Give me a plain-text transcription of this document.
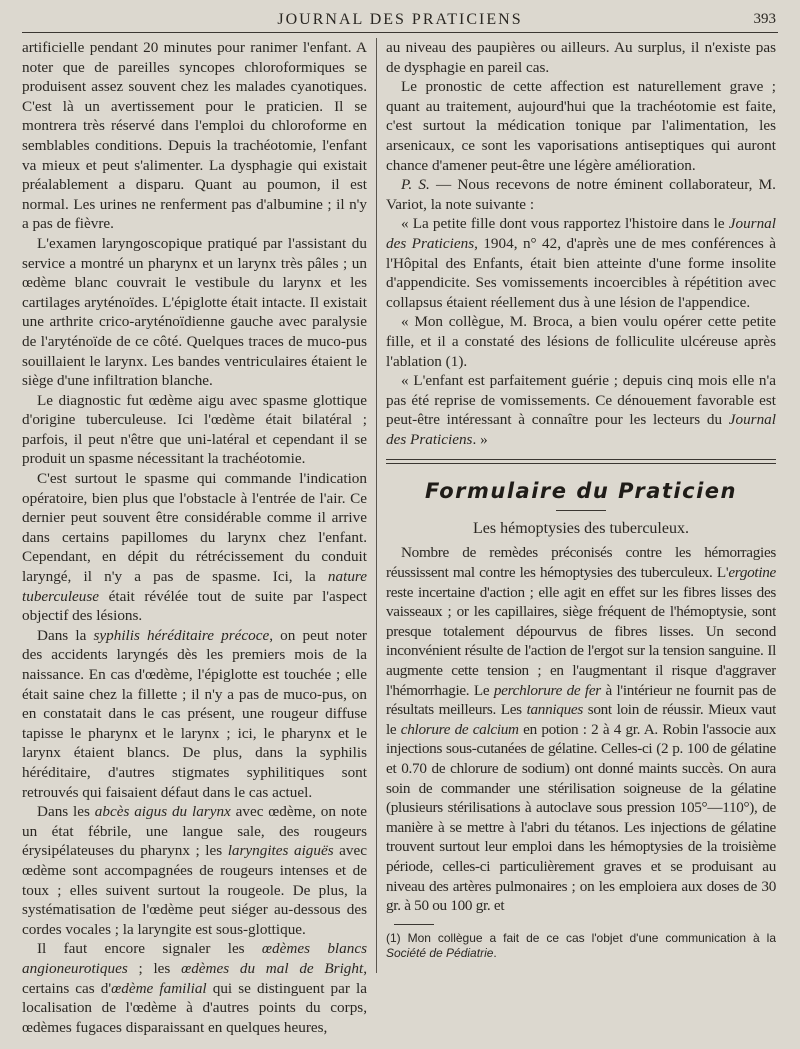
JOURNAL DES PRATICIENS	393

artificielle pendant 20 minutes pour ranimer l'enfant. A noter que de pareilles syncopes chloroformiques se produisent assez souvent chez les malades cyanotiques. C'est là un avertissement pour le praticien. Il se montrera très réservé dans l'emploi du chloroforme en semblables conditions. Depuis la trachéotomie, l'enfant va mieux et peut s'alimenter. La dysphagie qui existait préalablement a disparu. Quant au poumon, il est normal. Les urines ne renferment pas d'albumine ; il n'y a pas de fièvre.

L'examen laryngoscopique pratiqué par l'assistant du service a montré un pharynx et un larynx très pâles ; un œdème blanc couvrait le vestibule du larynx et les cartilages aryténoïdes. L'épiglotte était intacte. Il existait une arthrite crico-aryténoïdienne gauche avec paralysie de l'aryténoïde de ce côté. Quelques traces de muco-pus souillaient le larynx. Les bandes ventriculaires étaient le siège d'une infiltration blanche.

Le diagnostic fut œdème aigu avec spasme glottique d'origine tuberculeuse. Ici l'œdème était bilatéral ; parfois, il peut n'être que uni-latéral et cependant il se produit un spasme nécessitant la trachéotomie.

C'est surtout le spasme qui commande l'indication opératoire, bien plus que l'obstacle à l'entrée de l'air. Ce dernier peut souvent être considérable comme il arrive dans certains papillomes du larynx chez l'enfant. Cependant, en dépit du rétrécissement du conduit laryngé, il n'y a pas de spasme. Ici, la nature tuberculeuse était révélée tout de suite par l'aspect objectif des lésions.

Dans la syphilis héréditaire précoce, on peut noter des accidents laryngés dès les premiers mois de la naissance. En cas d'œdème, l'épiglotte est touchée ; elle était saine chez la fillette ; il n'y a pas de muco-pus, on en constatait dans le cas présent, une rougeur diffuse tapisse le pharynx et le larynx ; ici, le pharynx et le larynx étaient blancs. De plus, dans la syphilis héréditaire, d'autres stigmates syphilitiques sont retrouvés qui faisaient défaut dans le cas actuel.

Dans les abcès aigus du larynx avec œdème, on note un état fébrile, une langue sale, des rougeurs érysipélateuses du pharynx ; les laryngites aiguës avec œdème sont accompagnées de rougeurs intenses et de toux ; elles suivent surtout la rougeole. De plus, la systématisation de l'œdème peut siéger au-dessous des cordes vocales ; la laryngite est sous-glottique.

Il faut encore signaler les œdèmes blancs angioneurotiques ; les œdèmes du mal de Bright, certains cas d'œdème familial qui se distinguent par la localisation de l'œdème à d'autres points du corps, œdèmes fugaces disparaissant en quelques heures,

au niveau des paupières ou ailleurs. Au surplus, il n'existe pas de dysphagie en pareil cas.

Le pronostic de cette affection est naturellement grave ; quant au traitement, aujourd'hui que la trachéotomie est faite, c'est surtout la médication tonique par l'alimentation, les arsenicaux, ce sont les vaporisations antiseptiques qui auront chance d'amener peut-être une légère amélioration.

P. S. — Nous recevons de notre éminent collaborateur, M. Variot, la note suivante :

« La petite fille dont vous rapportez l'histoire dans le Journal des Praticiens, 1904, n° 42, d'après une de mes conférences à l'Hôpital des Enfants, était bien atteinte d'une forme insolite d'appendicite. Ses vomissements incoercibles à répétition avec collapsus étaient réellement dus à une lésion de l'appendice.

« Mon collègue, M. Broca, a bien voulu opérer cette petite fille, et il a constaté des lésions de folliculite ulcéreuse après l'ablation (1).

« L'enfant est parfaitement guérie ; depuis cinq mois elle n'a pas été reprise de vomissements. Ce dénouement favorable est peut-être intéressant à connaître pour les lecteurs du Journal des Praticiens. »

Formulaire du Praticien
Les hémoptysies des tuberculeux.

Nombre de remèdes préconisés contre les hémorragies réussissent mal contre les hémoptysies des tuberculeux. L'ergotine reste incertaine d'action ; elle agit en effet sur les fibres lisses des vaisseaux ; or les capillaires, siège fréquent de l'hémoptysie, sont presque totalement dépourvus de fibres lisses. Un second inconvénient résulte de l'action de l'ergot sur la tension sanguine. Il augmente cette tension ; en l'augmentant il risque d'aggraver l'hémorrhagie. Le perchlorure de fer à l'intérieur ne fournit pas de résultats meilleurs. Les tanniques sont loin de réussir. Mieux vaut le chlorure de calcium en potion : 2 à 4 gr. A. Robin l'associe aux injections sous-cutanées de gélatine. Celles-ci (2 p. 100 de gélatine et 0.70 de chlorure de sodium) ont donné maints succès. On aura soin de commander une stérilisation soigneuse de la gélatine (plusieurs stérilisations à autoclave sous pression 105°—110°), de manière à se mettre à l'abri du tétanos. Les injections de gélatine trouvent surtout leur emploi dans les hémoptysies de la troisième période, celles-ci particulièrement graves et se produisant au niveau des artères pulmonaires ; on les emploiera aux doses de 30 gr. à 50 ou 100 gr. et

(1) Mon collègue a fait de ce cas l'objet d'une communication à la Société de Pédiatrie.
